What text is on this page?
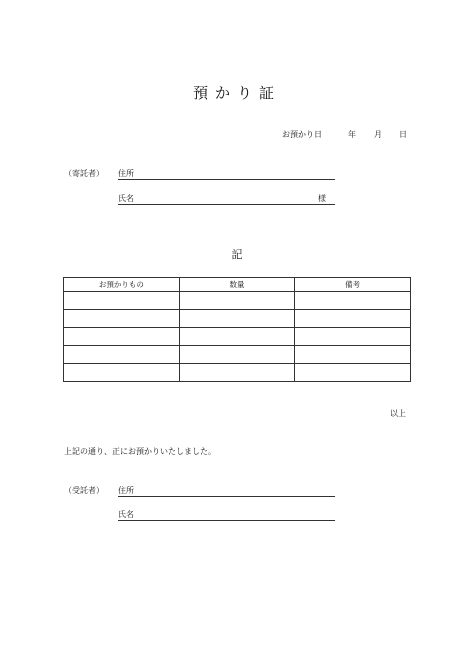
預かり証
お預かり日	年 月 日
（寄託者） 住所
氏名	様
記
お預かりもの	数量	備考

以上
上記の通り、正にお預かりいたしました。
（受託者） 住所
氏名
